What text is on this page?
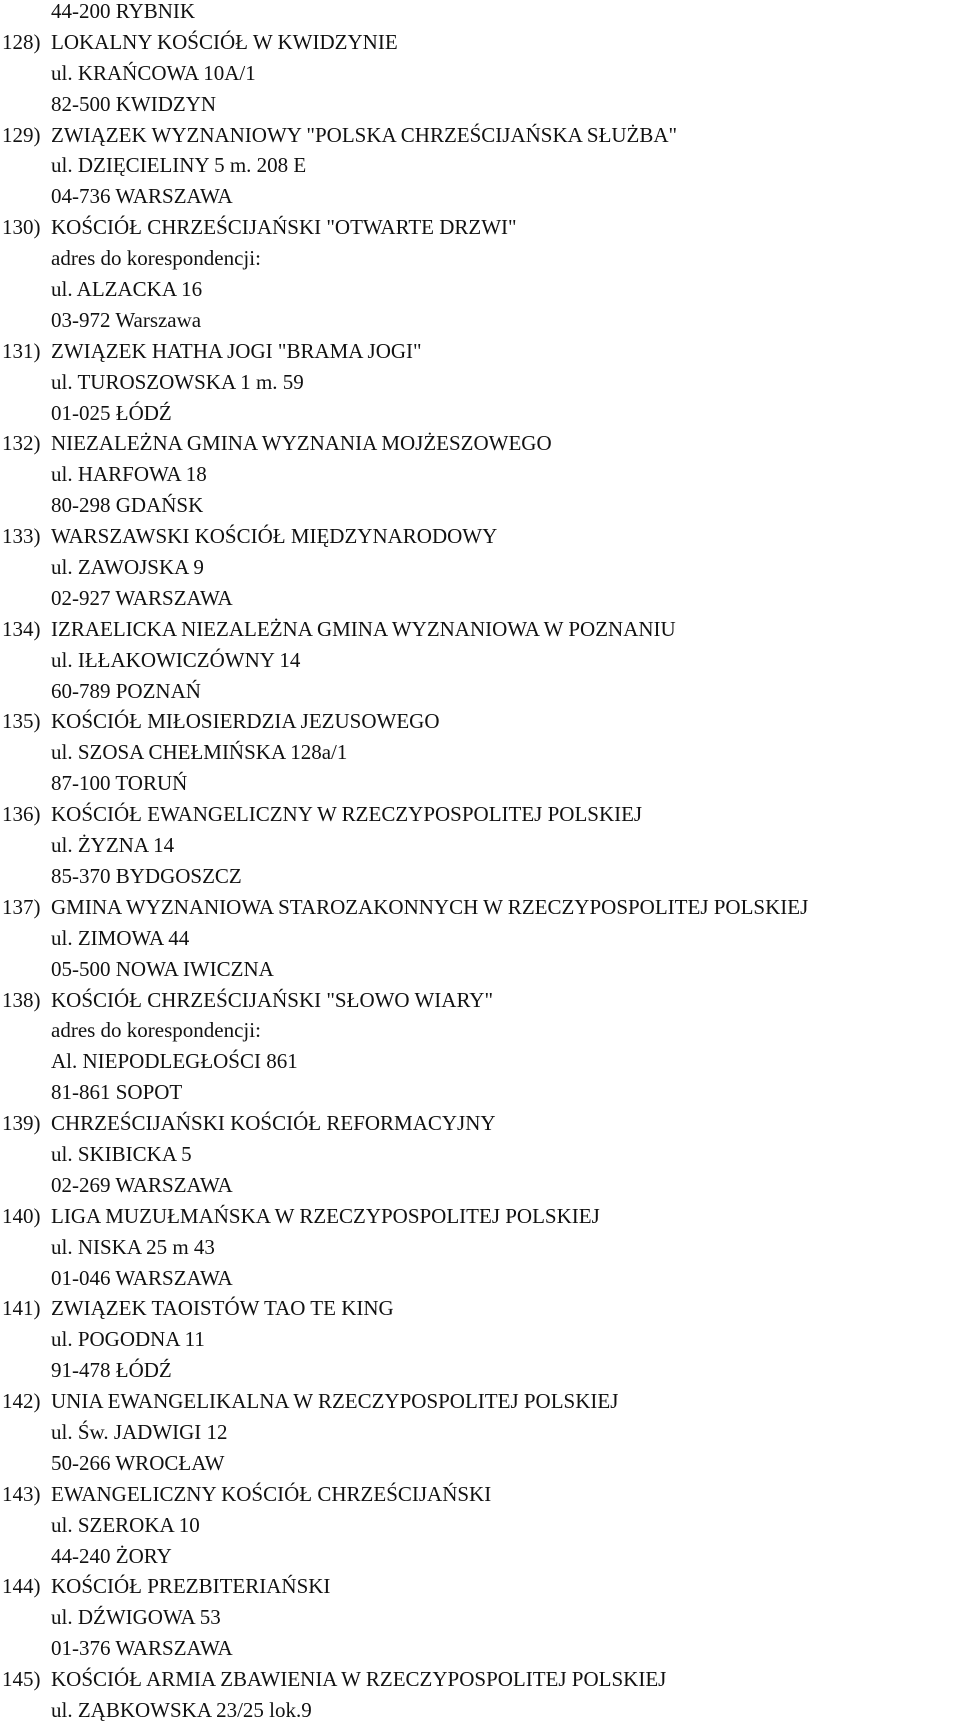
44-200 RYBNIK
128) LOKALNY KOŚCIÓŁ W KWIDZYNIE
ul. KRAŃCOWA 10A/1
82-500 KWIDZYN
129) ZWIĄZEK WYZNANIOWY "POLSKA CHRZEŚCIJAŃSKA SŁUŻBA"
ul. DZIĘCIELINY 5 m. 208 E
04-736 WARSZAWA
130) KOŚCIÓŁ CHRZEŚCIJAŃSKI "OTWARTE DRZWI"
adres do korespondencji:
ul. ALZACKA 16
03-972 Warszawa
131) ZWIĄZEK HATHA JOGI "BRAMA JOGI"
ul. TUROSZOWSKA 1 m. 59
01-025 ŁÓDŹ
132) NIEZALEŻNA GMINA WYZNANIA MOJŻESZOWEGO
ul. HARFOWA 18
80-298 GDAŃSK
133) WARSZAWSKI KOŚCIÓŁ MIĘDZYNARODOWY
ul. ZAWOJSKA 9
02-927 WARSZAWA
134) IZRAELICKA NIEZALEŻNA GMINA WYZNANIOWA W POZNANIU
ul. IŁŁAKOWICZÓWNY 14
60-789 POZNAŃ
135) KOŚCIÓŁ MIŁOSIERDZIA JEZUSOWEGO
ul. SZOSA CHEŁMIŃSKA 128a/1
87-100 TORUŃ
136) KOŚCIÓŁ EWANGELICZNY W RZECZYPOSPOLITEJ POLSKIEJ
ul. ŻYZNA 14
85-370 BYDGOSZCZ
137) GMINA WYZNANIOWA STAROZAKONNYCH W RZECZYPOSPOLITEJ POLSKIEJ
ul. ZIMOWA 44
05-500 NOWA IWICZNA
138) KOŚCIÓŁ CHRZEŚCIJAŃSKI "SŁOWO WIARY"
adres do korespondencji:
Al. NIEPODLEGŁOŚCI 861
81-861 SOPOT
139) CHRZEŚCIJAŃSKI KOŚCIÓŁ REFORMACYJNY
ul. SKIBICKA 5
02-269 WARSZAWA
140) LIGA MUZUŁMAŃSKA W RZECZYPOSPOLITEJ POLSKIEJ
ul. NISKA 25 m 43
01-046 WARSZAWA
141) ZWIĄZEK TAOISTÓW TAO TE KING
ul. POGODNA 11
91-478 ŁÓDŹ
142) UNIA EWANGELIKALNA W RZECZYPOSPOLITEJ POLSKIEJ
ul. Św. JADWIGI 12
50-266 WROCŁAW
143) EWANGELICZNY KOŚCIÓŁ CHRZEŚCIJAŃSKI
ul. SZEROKA 10
44-240 ŻORY
144) KOŚCIÓŁ PREZBITERIAŃSKI
ul. DŹWIGOWA 53
01-376 WARSZAWA
145) KOŚCIÓŁ ARMIA ZBAWIENIA W RZECZYPOSPOLITEJ POLSKIEJ
ul. ZĄBKOWSKA 23/25 lok.9
